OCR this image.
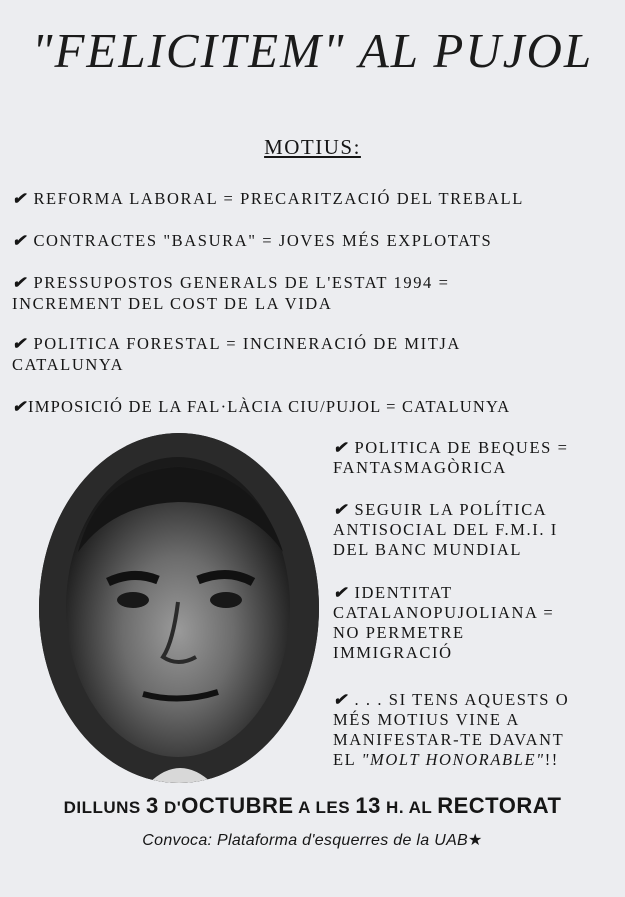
"FELICITEM" AL PUJOL
MOTIUS:
✔ REFORMA LABORAL = PRECARITZACIÓ DEL TREBALL
✔ CONTRACTES "BASURA" = JOVES MÉS EXPLOTATS
✔ PRESSUPOSTOS GENERALS DE L'ESTAT 1994 =
INCREMENT DEL COST DE LA VIDA
✔ POLITICA FORESTAL = INCINERACIÓ DE MITJA
CATALUNYA
✔IMPOSICIÓ DE LA FAL·LÀCIA CIU/PUJOL = CATALUNYA
✔ POLITICA DE BEQUES =
FANTASMAGÒRICA
✔ SEGUIR LA POLÍTICA
ANTISOCIAL DEL F.M.I. I
DEL BANC MUNDIAL
✔ IDENTITAT
CATALANOPUJOLIANA =
NO PERMETRE
IMMIGRACIÓ
✔ . . . SI TENS AQUESTS O
MÉS MOTIUS VINE A
MANIFESTAR-TE DAVANT
EL "MOLT HONORABLE"!!
DILLUNS 3 D'OCTUBRE A LES 13 H. AL RECTORAT
Convoca: Plataforma d'esquerres de la UAB★
